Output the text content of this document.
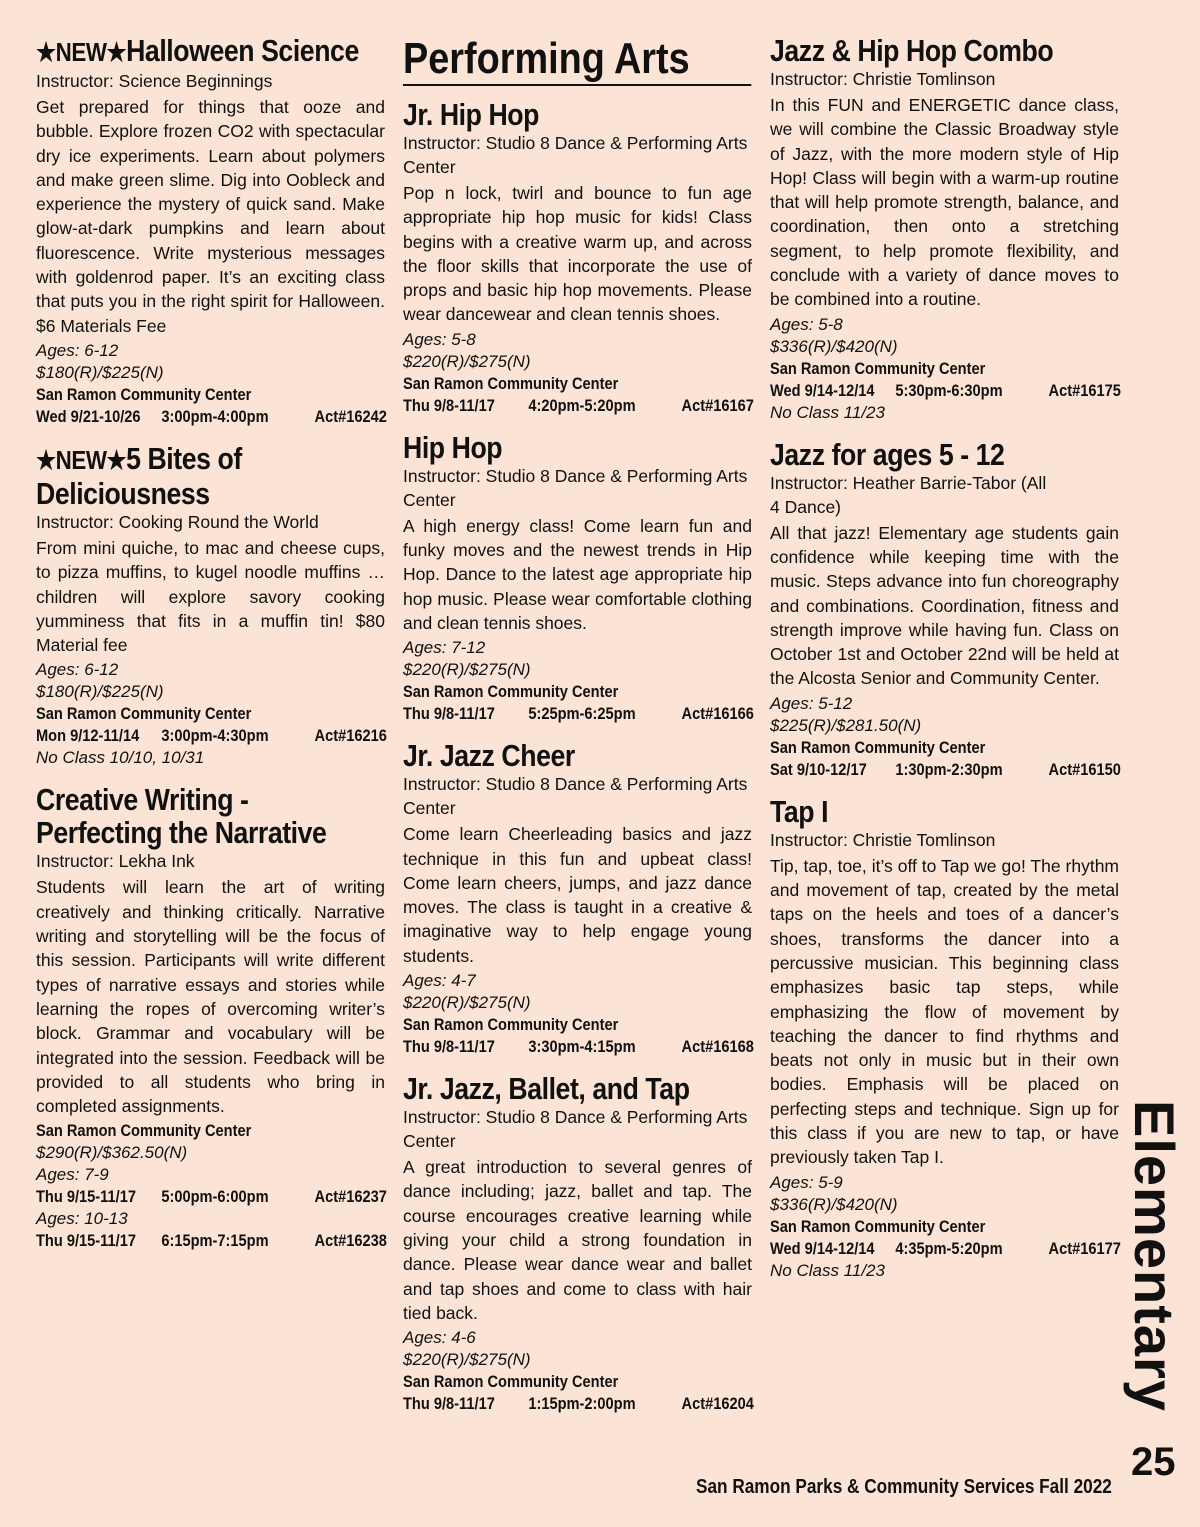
★NEW★Halloween Science

Instructor: Science Beginnings

Get prepared for things that ooze and bubble. Explore frozen CO2 with spectacular dry ice experiments. Learn about polymers and make green slime. Dig into Oobleck and experience the mystery of quick sand. Make glow-at-dark pumpkins and learn about fluorescence. Write mysterious messages with goldenrod paper. It’s an exciting class that puts you in the right spirit for Halloween. $6 Materials Fee

Ages: 6-12

$180(R)/$225(N)

San Ramon Community Center

Wed 9/21-10/26	3:00pm-4:00pm	Act#16242
★NEW★5 Bites of Deliciousness

Instructor: Cooking Round the World

From mini quiche, to mac and cheese cups, to pizza muffins, to kugel noodle muffins …children will explore savory cooking yumminess that fits in a muffin tin! $80 Material fee

Ages: 6-12

$180(R)/$225(N)

San Ramon Community Center

Mon 9/12-11/14	3:00pm-4:30pm	Act#16216

No Class 10/10, 10/31

Creative Writing - Perfecting the Narrative

Instructor: Lekha Ink

Students will learn the art of writing creatively and thinking critically. Narrative writing and storytelling will be the focus of this session. Participants will write different types of narrative essays and stories while learning the ropes of overcoming writer’s block. Grammar and vocabulary will be integrated into the session. Feedback will be provided to all students who bring in completed assignments.

San Ramon Community Center

$290(R)/$362.50(N)

Ages: 7-9

Thu 9/15-11/17	5:00pm-6:00pm	Act#16237

Ages: 10-13

Thu 9/15-11/17	6:15pm-7:15pm	Act#16238
Performing Arts
Jr. Hip Hop

Instructor: Studio 8 Dance & Performing Arts Center

Pop n lock, twirl and bounce to fun age appropriate hip hop music for kids! Class begins with a creative warm up, and across the floor skills that incorporate the use of props and basic hip hop movements. Please wear dancewear and clean tennis shoes.

Ages: 5-8

$220(R)/$275(N)

San Ramon Community Center

Thu 9/8-11/17	4:20pm-5:20pm	Act#16167
Hip Hop

Instructor: Studio 8 Dance & Performing Arts Center

A high energy class! Come learn fun and funky moves and the newest trends in Hip Hop. Dance to the latest age appropriate hip hop music. Please wear comfortable clothing and clean tennis shoes.

Ages: 7-12

$220(R)/$275(N)

San Ramon Community Center

Thu 9/8-11/17	5:25pm-6:25pm	Act#16166
Jr. Jazz Cheer

Instructor: Studio 8 Dance & Performing Arts Center

Come learn Cheerleading basics and jazz technique in this fun and upbeat class! Come learn cheers, jumps, and jazz dance moves. The class is taught in a creative & imaginative way to help engage young students.

Ages: 4-7

$220(R)/$275(N)

San Ramon Community Center

Thu 9/8-11/17	3:30pm-4:15pm	Act#16168
Jr. Jazz, Ballet, and Tap

Instructor: Studio 8 Dance & Performing Arts Center

A great introduction to several genres of dance including; jazz, ballet and tap. The course encourages creative learning while giving your child a strong foundation in dance. Please wear dance wear and ballet and tap shoes and come to class with hair tied back.

Ages: 4-6

$220(R)/$275(N)

San Ramon Community Center

Thu 9/8-11/17	1:15pm-2:00pm	Act#16204
Jazz & Hip Hop Combo

Instructor: Christie Tomlinson

In this FUN and ENERGETIC dance class, we will combine the Classic Broadway style of Jazz, with the more modern style of Hip Hop! Class will begin with a warm-up routine that will help promote strength, balance, and coordination, then onto a stretching segment, to help promote flexibility, and conclude with a variety of dance moves to be combined into a routine.

Ages: 5-8

$336(R)/$420(N)

San Ramon Community Center

Wed 9/14-12/14	5:30pm-6:30pm	Act#16175

No Class 11/23

Jazz for ages 5 - 12

Instructor: Heather Barrie-Tabor (All 4 Dance)

All that jazz! Elementary age students gain confidence while keeping time with the music. Steps advance into fun choreography and combinations. Coordination, fitness and strength improve while having fun. Class on October 1st and October 22nd will be held at the Alcosta Senior and Community Center.

Ages: 5-12

$225(R)/$281.50(N)

San Ramon Community Center

Sat 9/10-12/17	1:30pm-2:30pm	Act#16150
Tap I

Instructor: Christie Tomlinson

Tip, tap, toe, it’s off to Tap we go! The rhythm and movement of tap, created by the metal taps on the heels and toes of a dancer’s shoes, transforms the dancer into a percussive musician. This beginning class emphasizes basic tap steps, while emphasizing the flow of movement by teaching the dancer to find rhythms and beats not only in music but in their own bodies. Emphasis will be placed on perfecting steps and technique. Sign up for this class if you are new to tap, or have previously taken Tap I.

Ages: 5-9

$336(R)/$420(N)

San Ramon Community Center

Wed 9/14-12/14	4:35pm-5:20pm	Act#16177

No Class 11/23	Elementary
25
San Ramon Parks & Community Services Fall 2022
